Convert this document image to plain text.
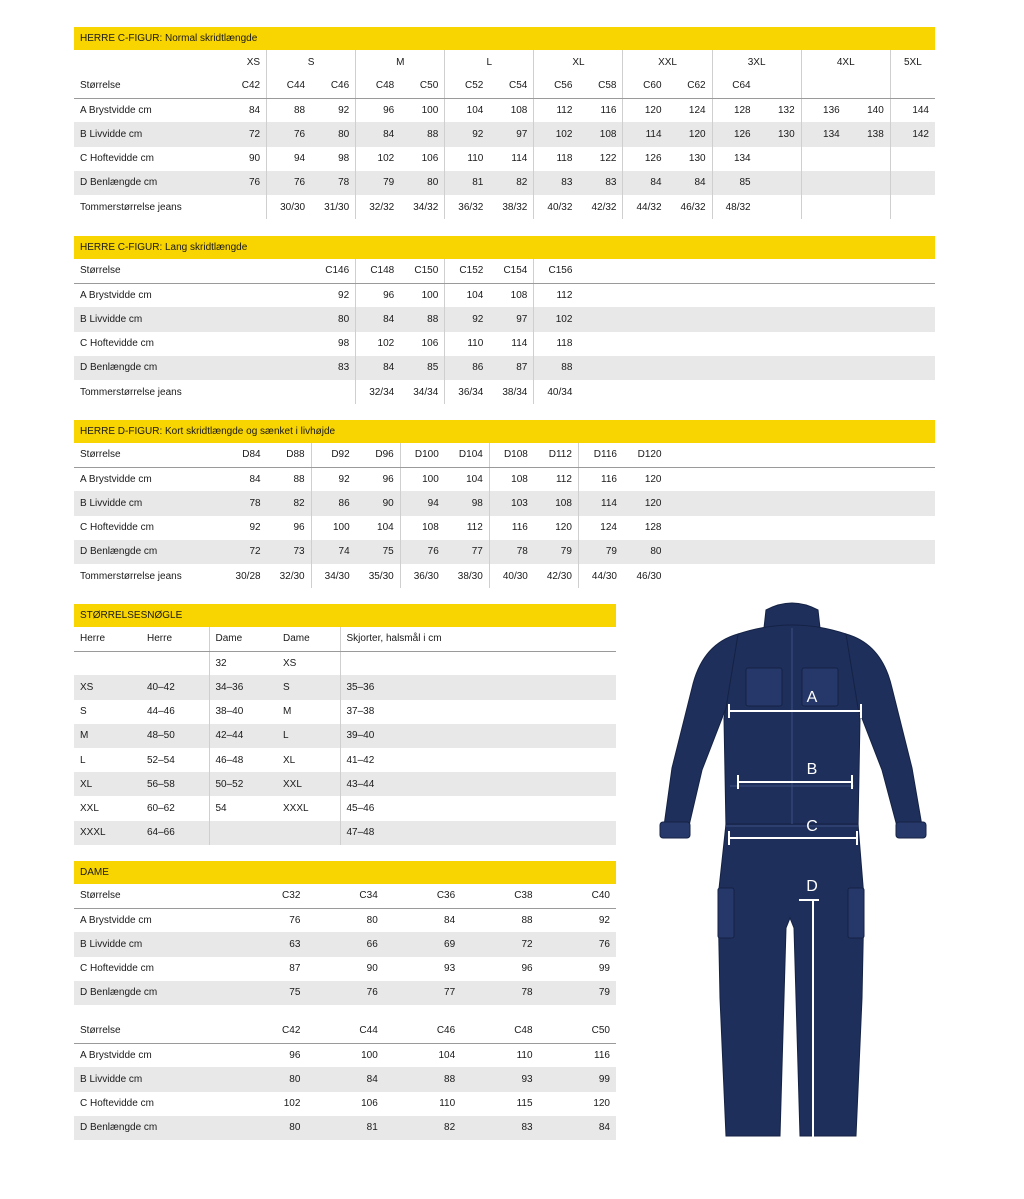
HERRE C-FIGUR: Normal skridtlængde
	XS	S		M		L		XL		XXL		3XL		4XL		5XL
Størrelse	C42	C44	C46	C48	C50	C52	C54	C56	C58	C60	C62	C64				
A Brystvidde cm	84	88	92	96	100	104	108	112	116	120	124	128	132	136	140	144
B Livvidde cm	72	76	80	84	88	92	97	102	108	114	120	126	130	134	138	142
C Hoftevidde cm	90	94	98	102	106	110	114	118	122	126	130	134				
D Benlængde cm	76	76	78	79	80	81	82	83	83	84	84	85				
Tommerstørrelse jeans		30/30	31/30	32/32	34/32	36/32	38/32	40/32	42/32	44/32	46/32	48/32				
HERRE C-FIGUR: Lang skridtlængde
Størrelse			C146	C148	C150	C152	C154	C156								
A Brystvidde cm			92	96	100	104	108	112								
B Livvidde cm			80	84	88	92	97	102								
C Hoftevidde cm			98	102	106	110	114	118								
D Benlængde cm			83	84	85	86	87	88								
Tommerstørrelse jeans				32/34	34/34	36/34	38/34	40/34								
HERRE D-FIGUR: Kort skridtlængde og sænket i livhøjde
Størrelse	D84	D88	D92	D96	D100	D104	D108	D112	D116	D120						
A Brystvidde cm	84	88	92	96	100	104	108	112	116	120						
B Livvidde cm	78	82	86	90	94	98	103	108	114	120						
C Hoftevidde cm	92	96	100	104	108	112	116	120	124	128						
D Benlængde cm	72	73	74	75	76	77	78	79	79	80						
Tommerstørrelse jeans	30/28	32/30	34/30	35/30	36/30	38/30	40/30	42/30	44/30	46/30						
STØRRELSESNØGLE
Herre	Herre	Dame	Dame	Skjorter, halsmål i cm
		32	XS	
XS	40–42	34–36	S	35–36
S	44–46	38–40	M	37–38
M	48–50	42–44	L	39–40
L	52–54	46–48	XL	41–42
XL	56–58	50–52	XXL	43–44
XXL	60–62	54	XXXL	45–46
XXXL	64–66			47–48
DAME
Størrelse	C32	C34	C36	C38	C40
A Brystvidde cm	76	80	84	88	92
B Livvidde cm	63	66	69	72	76
C Hoftevidde cm	87	90	93	96	99
D Benlængde cm	75	76	77	78	79
Størrelse	C42	C44	C46	C48	C50
A Brystvidde cm	96	100	104	110	116
B Livvidde cm	80	84	88	93	99
C Hoftevidde cm	102	106	110	115	120
D Benlængde cm	80	81	82	83	84
A
B
C
D
